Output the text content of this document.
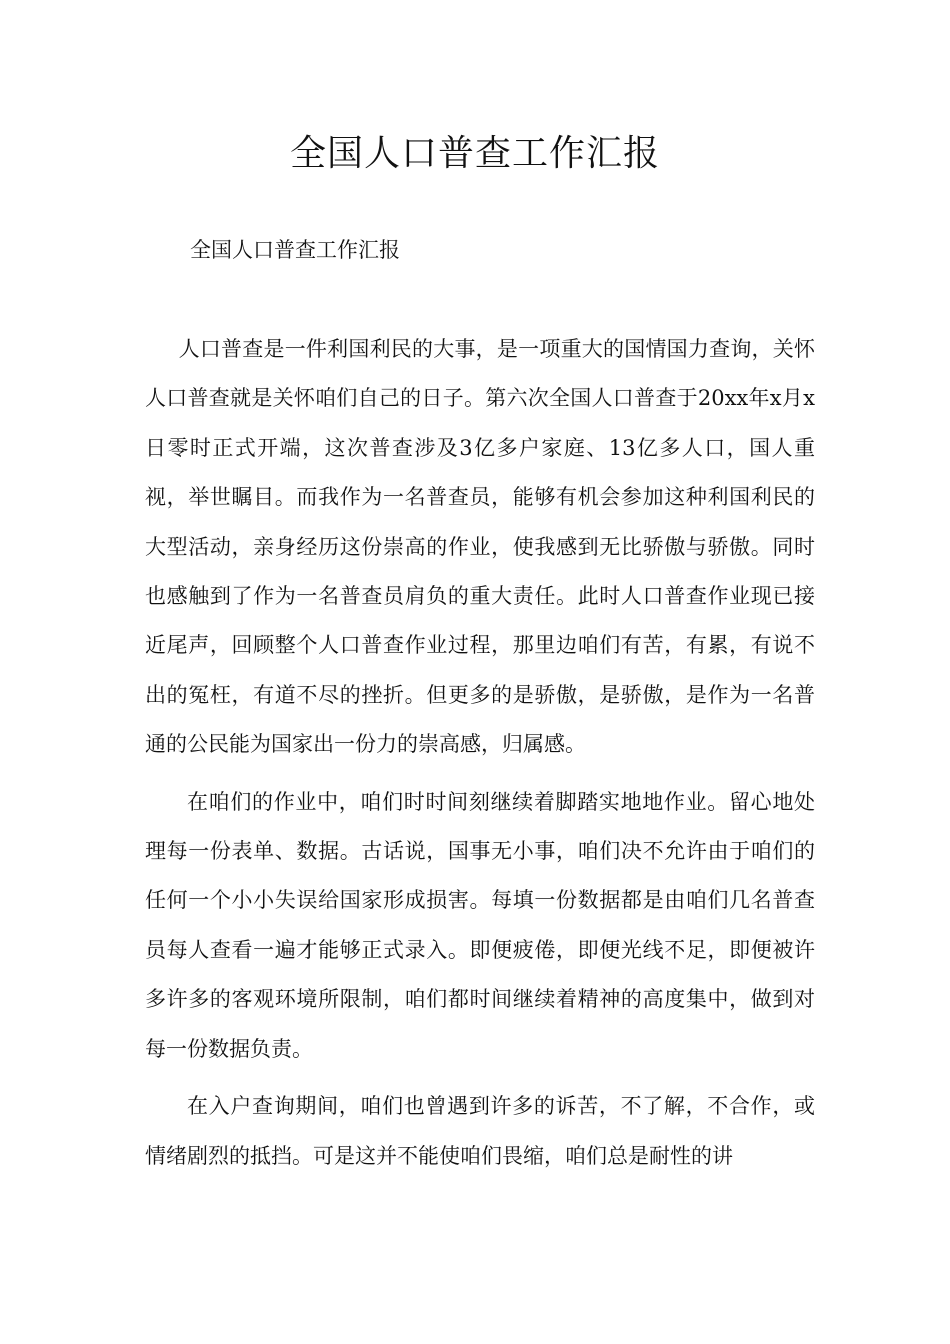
全国人口普查工作汇报

全国人口普查工作汇报

人口普查是一件利国利民的大事，是一项重大的国情国力查询，关怀人口普查就是关怀咱们自己的日子。第六次全国人口普查于20xx年x月x日零时正式开端，这次普查涉及3亿多户家庭、13亿多人口，国人重视，举世瞩目。而我作为一名普查员，能够有机会参加这种利国利民的大型活动，亲身经历这份崇高的作业，使我感到无比骄傲与骄傲。同时也感触到了作为一名普查员肩负的重大责任。此时人口普查作业现已接近尾声，回顾整个人口普查作业过程，那里边咱们有苦，有累，有说不出的冤枉，有道不尽的挫折。但更多的是骄傲，是骄傲，是作为一名普通的公民能为国家出一份力的崇高感，归属感。

在咱们的作业中，咱们时时间刻继续着脚踏实地地作业。留心地处理每一份表单、数据。古话说，国事无小事，咱们决不允许由于咱们的任何一个小小失误给国家形成损害。每填一份数据都是由咱们几名普查员每人查看一遍才能够正式录入。即便疲倦，即便光线不足，即便被许多许多的客观环境所限制，咱们都时间继续着精神的高度集中，做到对每一份数据负责。

在入户查询期间，咱们也曾遇到许多的诉苦，不了解，不合作，或情绪剧烈的抵挡。可是这并不能使咱们畏缩，咱们总是耐性的讲
